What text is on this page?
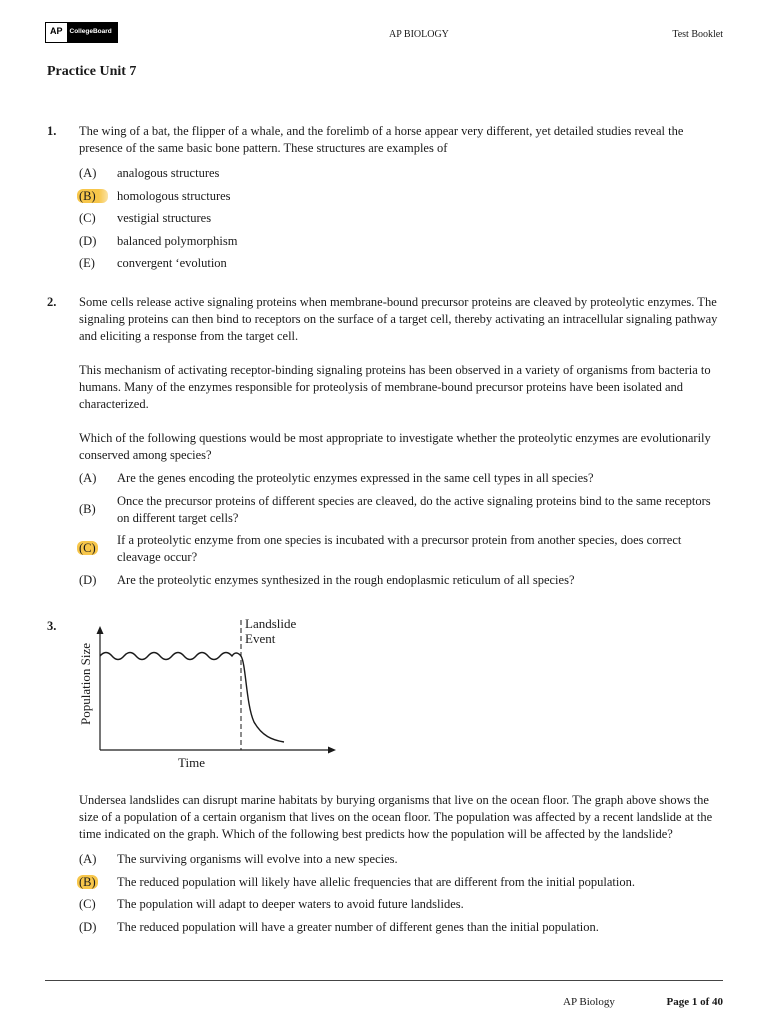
AP	CollegeBoard	AP BIOLOGY	Test Booklet
Practice Unit 7
1. The wing of a bat, the flipper of a whale, and the forelimb of a horse appear very different, yet detailed studies reveal the presence of the same basic bone pattern. These structures are examples of

(A)	analogous structures
(B)	homologous structures
(C)	vestigial structures
(D)	balanced polymorphism
(E)	convergent ‘evolution
2. Some cells release active signaling proteins when membrane-bound precursor proteins are cleaved by proteolytic enzymes. The signaling proteins can then bind to receptors on the surface of a target cell, thereby activating an intracellular signaling pathway and eliciting a response from the target cell.

This mechanism of activating receptor-binding signaling proteins has been observed in a variety of organisms from bacteria to humans. Many of the enzymes responsible for proteolysis of membrane-bound precursor proteins have been isolated and characterized.

Which of the following questions would be most appropriate to investigate whether the proteolytic enzymes are evolutionarily conserved among species?

(A)	Are the genes encoding the proteolytic enzymes expressed in the same cell types in all species?
(B)
Once the precursor proteins of different species are cleaved, do the active signaling proteins bind to the same receptors on different target cells?
(C)
If a proteolytic enzyme from one species is incubated with a precursor protein from another species, does correct cleavage occur?
(D)	Are the proteolytic enzymes synthesized in the rough endoplasmic reticulum of all species?
3.
Population Size
Landslide
Event
Time

Undersea landslides can disrupt marine habitats by burying organisms that live on the ocean floor. The graph above shows the size of a population of a certain organism that lives on the ocean floor. The population was affected by a recent landslide at the time indicated on the graph. Which of the following best predicts how the population will be affected by the landslide?

(A)	The surviving organisms will evolve into a new species.
(B)	The reduced population will likely have allelic frequencies that are different from the initial population.
(C)	The population will adapt to deeper waters to avoid future landslides.
(D)	The reduced population will have a greater number of different genes than the initial population.
AP Biology	Page 1 of 40
